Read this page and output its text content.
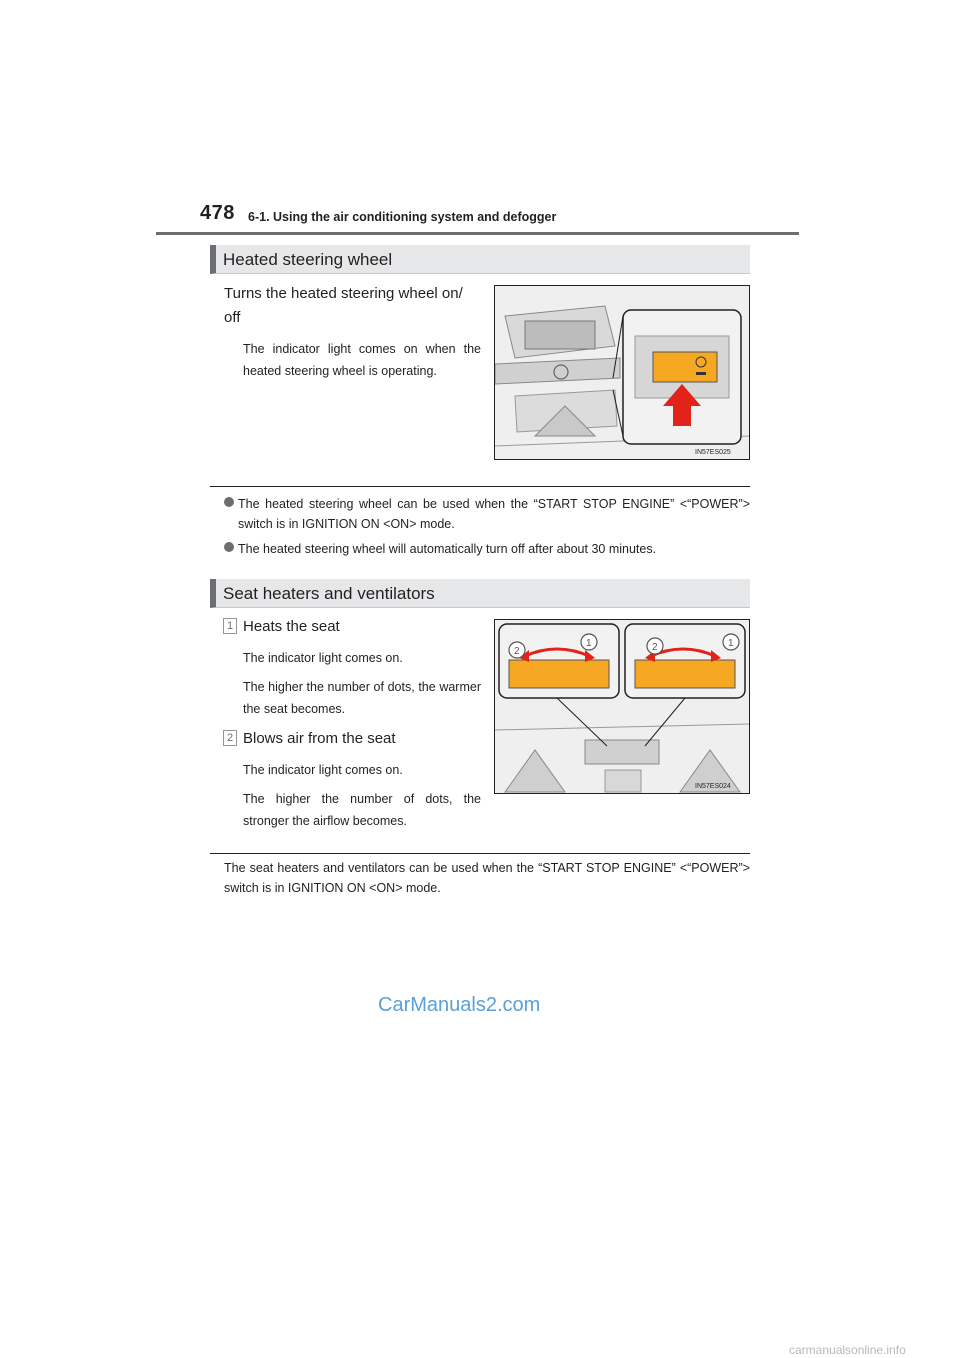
478 6-1. Using the air conditioning system and defogger
Heated steering wheel
Turns the heated steering wheel on/ off
The indicator light comes on when the heated steering wheel is operating.
IN57ES025
The heated steering wheel can be used when the “START STOP ENGINE” <“POWER”> switch is in IGNITION ON <ON> mode.
The heated steering wheel will automatically turn off after about 30 minutes.
Seat heaters and ventilators
1 Heats the seat
The indicator light comes on.
The higher the number of dots, the warmer the seat becomes.
2 Blows air from the seat
The indicator light comes on.
The higher the number of dots, the stronger the airflow becomes.
2
1	2	1
IN57ES024
The seat heaters and ventilators can be used when the “START STOP ENGINE” <“POWER”> switch is in IGNITION ON <ON> mode.
CarManuals2.com
carmanualsonline.info
